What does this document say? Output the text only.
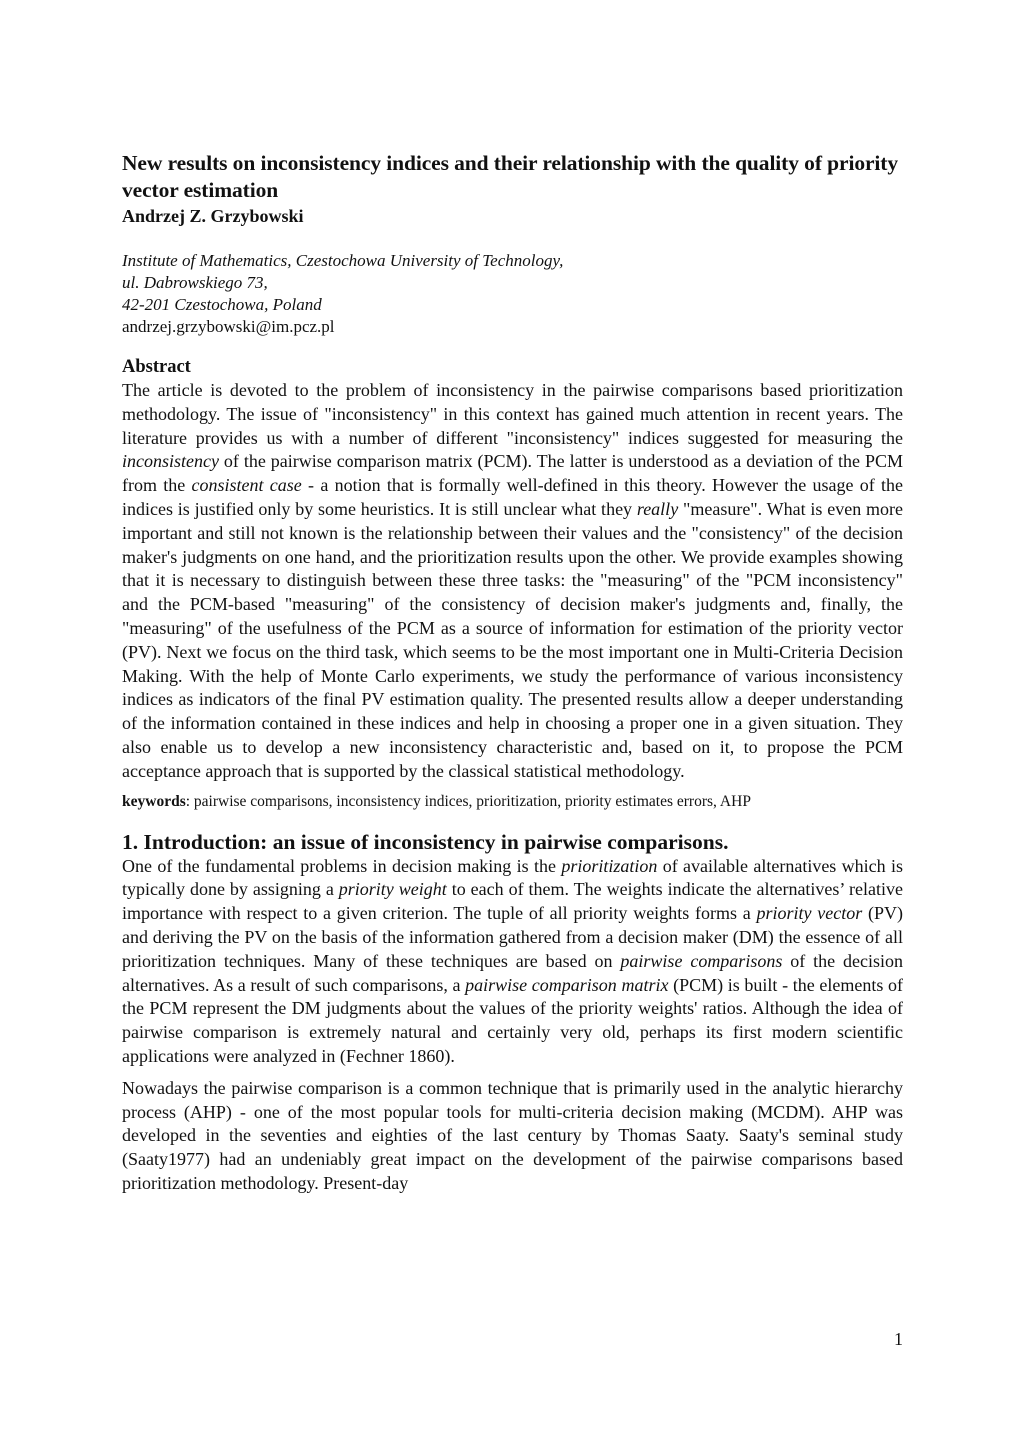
New results on inconsistency indices and their relationship with the quality of priority vector estimation

Andrzej Z. Grzybowski

Institute of Mathematics, Czestochowa University of Technology,
ul. Dabrowskiego 73,
42-201 Czestochowa, Poland
andrzej.grzybowski@im.pcz.pl
Abstract

The article is devoted to the problem of inconsistency in the pairwise comparisons based prioritization methodology. The issue of "inconsistency" in this context has gained much attention in recent years. The literature provides us with a number of different "inconsistency" indices suggested for measuring the inconsistency of the pairwise comparison matrix (PCM). The latter is understood as a deviation of the PCM from the consistent case - a notion that is formally well-defined in this theory. However the usage of the indices is justified only by some heuristics. It is still unclear what they really "measure". What is even more important and still not known is the relationship between their values and the "consistency" of the decision maker's judgments on one hand, and the prioritization results upon the other. We provide examples showing that it is necessary to distinguish between these three tasks: the "measuring" of the "PCM inconsistency" and the PCM-based "measuring" of the consistency of decision maker's judgments and, finally, the "measuring" of the usefulness of the PCM as a source of information for estimation of the priority vector (PV). Next we focus on the third task, which seems to be the most important one in Multi-Criteria Decision Making. With the help of Monte Carlo experiments, we study the performance of various inconsistency indices as indicators of the final PV estimation quality. The presented results allow a deeper understanding of the information contained in these indices and help in choosing a proper one in a given situation. They also enable us to develop a new inconsistency characteristic and, based on it, to propose the PCM acceptance approach that is supported by the classical statistical methodology.

keywords: pairwise comparisons, inconsistency indices, prioritization, priority estimates errors, AHP

1. Introduction: an issue of inconsistency in pairwise comparisons.

One of the fundamental problems in decision making is the prioritization of available alternatives which is typically done by assigning a priority weight to each of them. The weights indicate the alternatives’ relative importance with respect to a given criterion. The tuple of all priority weights forms a priority vector (PV) and deriving the PV on the basis of the information gathered from a decision maker (DM) the essence of all prioritization techniques. Many of these techniques are based on pairwise comparisons of the decision alternatives. As a result of such comparisons, a pairwise comparison matrix (PCM) is built - the elements of the PCM represent the DM judgments about the values of the priority weights' ratios. Although the idea of pairwise comparison is extremely natural and certainly very old, perhaps its first modern scientific applications were analyzed in (Fechner 1860).

Nowadays the pairwise comparison is a common technique that is primarily used in the analytic hierarchy process (AHP) - one of the most popular tools for multi-criteria decision making (MCDM). AHP was developed in the seventies and eighties of the last century by Thomas Saaty. Saaty's seminal study (Saaty1977) had an undeniably great impact on the development of the pairwise comparisons based prioritization methodology. Present-day

1
